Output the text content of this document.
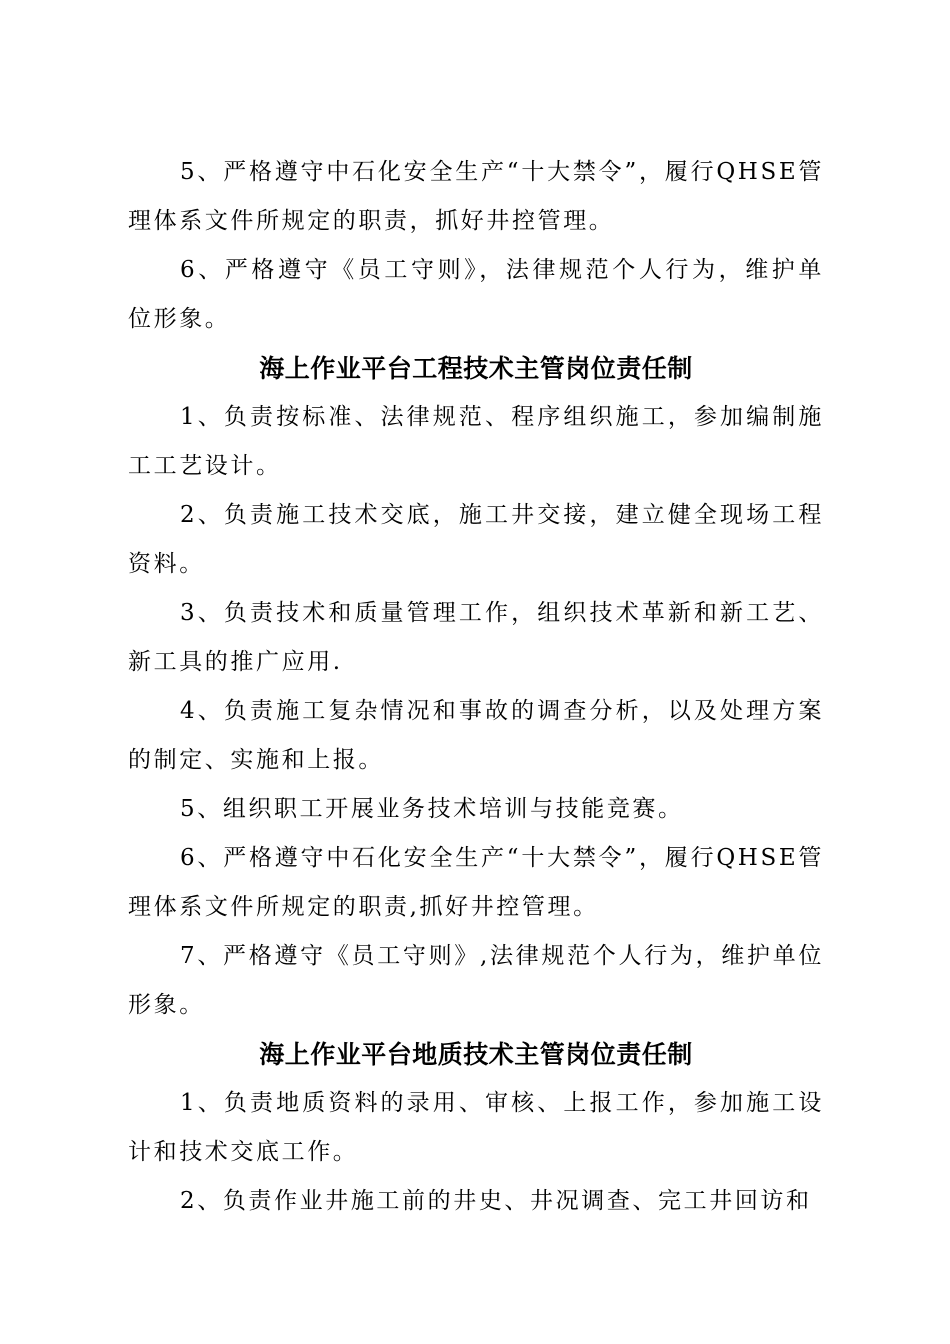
5、严格遵守中石化安全生产“十大禁令”，履行QHSE管理体系文件所规定的职责，抓好井控管理。

6、严格遵守《员工守则》，法律规范个人行为，维护单位形象。

海上作业平台工程技术主管岗位责任制

1、负责按标准、法律规范、程序组织施工，参加编制施工工艺设计。

2、负责施工技术交底，施工井交接，建立健全现场工程资料。

3、负责技术和质量管理工作，组织技术革新和新工艺、新工具的推广应用.

4、负责施工复杂情况和事故的调查分析，以及处理方案的制定、实施和上报。

5、组织职工开展业务技术培训与技能竞赛。

6、严格遵守中石化安全生产“十大禁令”，履行QHSE管理体系文件所规定的职责,抓好井控管理。

7、严格遵守《员工守则》,法律规范个人行为，维护单位形象。

海上作业平台地质技术主管岗位责任制

1、负责地质资料的录用、审核、上报工作，参加施工设计和技术交底工作。

2、负责作业井施工前的井史、井况调查、完工井回访和
